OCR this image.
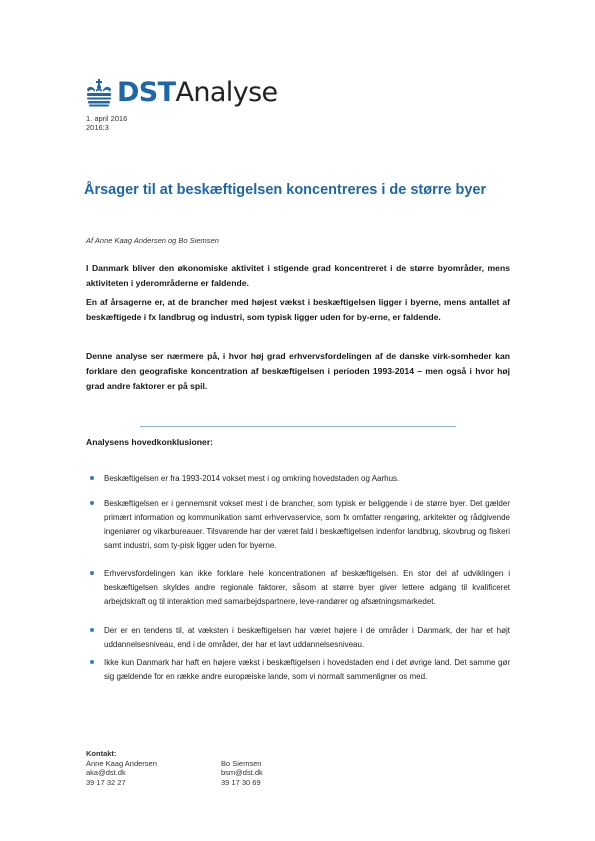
DSTAnalyse
1. april 2016
2016:3
Årsager til at beskæftigelsen koncentreres i de større byer
Af Anne Kaag Andersen og Bo Siemsen
I Danmark bliver den økonomiske aktivitet i stigende grad koncentreret i de større byområder, mens aktiviteten i yderområderne er faldende.
En af årsagerne er, at de brancher med højest vækst i beskæftigelsen ligger i byerne, mens antallet af beskæftigede i fx landbrug og industri, som typisk ligger uden for by-erne, er faldende.
Denne analyse ser nærmere på, i hvor høj grad erhvervsfordelingen af de danske virk-somheder kan forklare den geografiske koncentration af beskæftigelsen i perioden 1993-2014 – men også i hvor høj grad andre faktorer er på spil.
Analysens hovedkonklusioner:
Beskæftigelsen er fra 1993-2014 vokset mest i og omkring hovedstaden og Aarhus.
Beskæftigelsen er i gennemsnit vokset mest i de brancher, som typisk er beliggende i de større byer. Det gælder primært information og kommunikation samt erhvervsservice, som fx omfatter rengøring, arkitekter og rådgivende ingeniører og vikarbureauer. Tilsvarende har der været fald i beskæftigelsen indenfor landbrug, skovbrug og fiskeri samt industri, som ty-pisk ligger uden for byerne.
Erhvervsfordelingen kan ikke forklare hele koncentrationen af beskæftigelsen. En stor del af udviklingen i beskæftigelsen skyldes andre regionale faktorer, såsom at større byer giver lettere adgang til kvalificeret arbejdskraft og til interaktion med samarbejdspartnere, leve-randører og afsætningsmarkedet.
Der er en tendens til, at væksten i beskæftigelsen har været højere i de områder i Danmark, der har et højt uddannelsesniveau, end i de områder, der har et lavt uddannelsesniveau.
Ikke kun Danmark har haft en højere vækst i beskæftigelsen i hovedstaden end i det øvrige land. Det samme gør sig gældende for en række andre europæiske lande, som vi normalt sammenligner os med.
Kontakt:
Anne Kaag Andersen	Bo Siemsen
aka@dst.dk	bsm@dst.dk
39 17 32 27	39 17 30 69
